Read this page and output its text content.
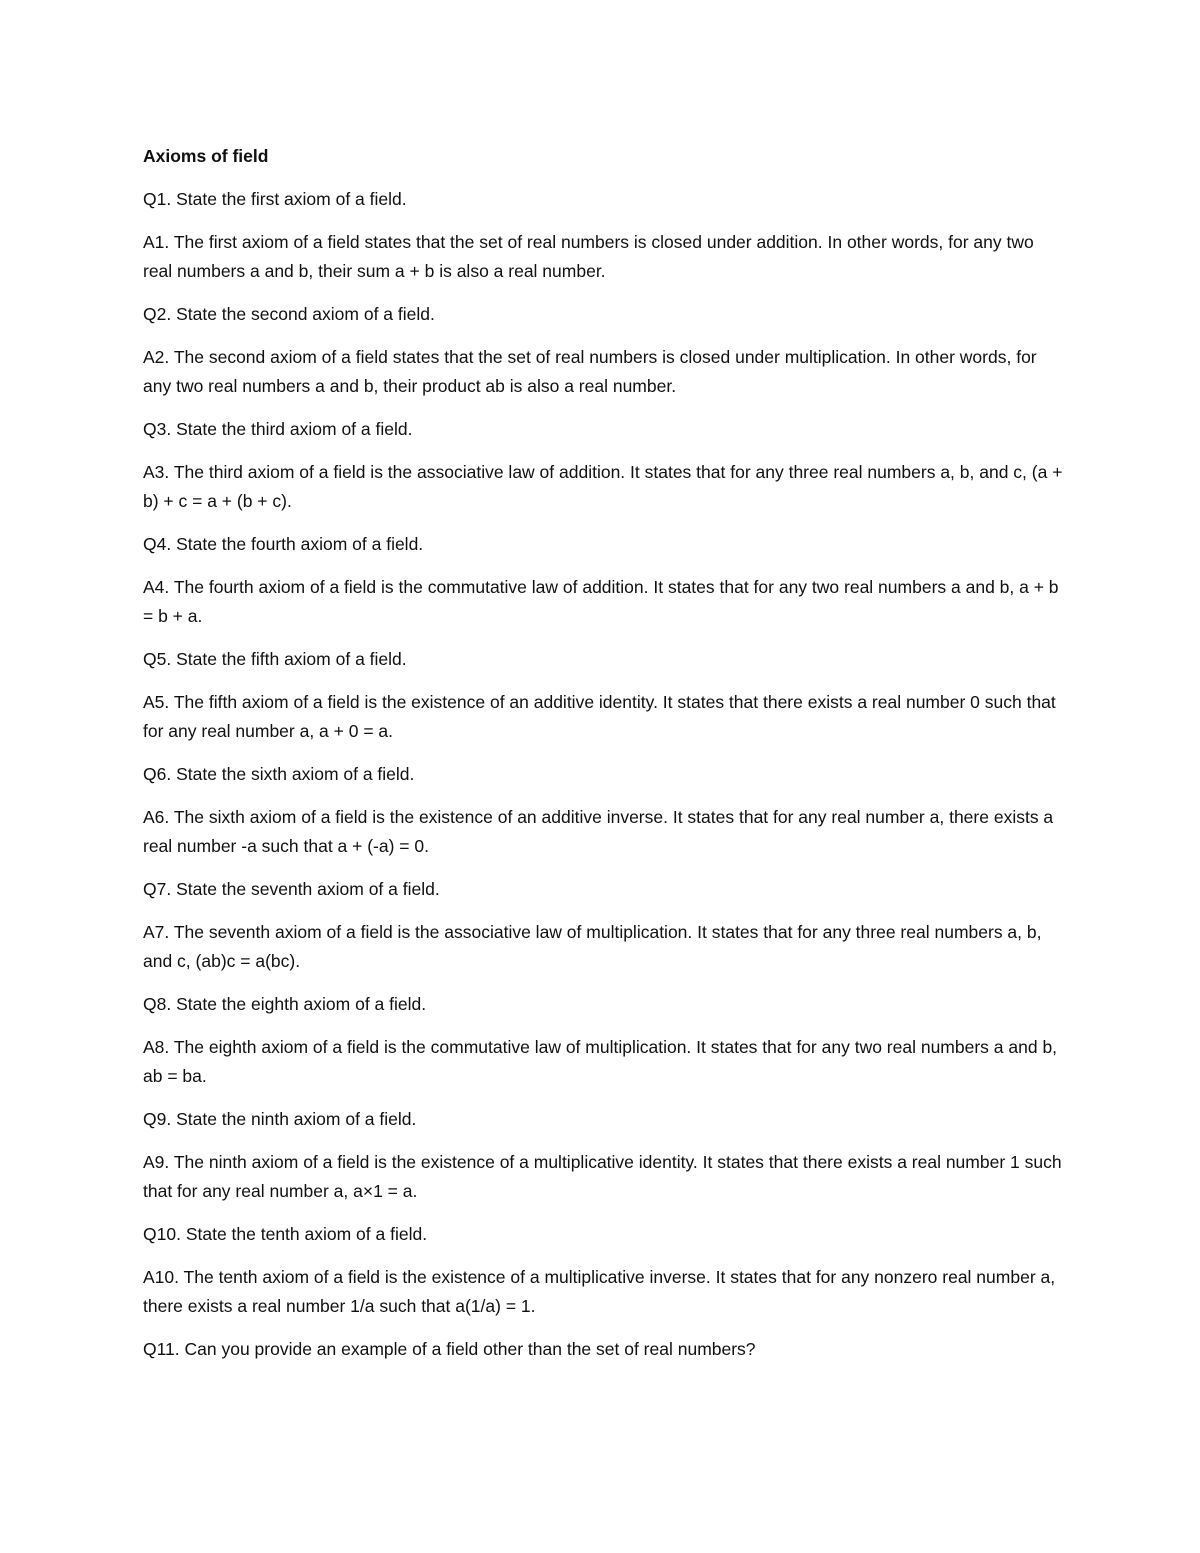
Axioms of field

Q1. State the first axiom of a field.

A1. The first axiom of a field states that the set of real numbers is closed under addition. In other words, for any two real numbers a and b, their sum a + b is also a real number.

Q2. State the second axiom of a field.

A2. The second axiom of a field states that the set of real numbers is closed under multiplication. In other words, for any two real numbers a and b, their product ab is also a real number.

Q3. State the third axiom of a field.

A3. The third axiom of a field is the associative law of addition. It states that for any three real numbers a, b, and c, (a + b) + c = a + (b + c).

Q4. State the fourth axiom of a field.

A4. The fourth axiom of a field is the commutative law of addition. It states that for any two real numbers a and b, a + b = b + a.

Q5. State the fifth axiom of a field.

A5. The fifth axiom of a field is the existence of an additive identity. It states that there exists a real number 0 such that for any real number a, a + 0 = a.

Q6. State the sixth axiom of a field.

A6. The sixth axiom of a field is the existence of an additive inverse. It states that for any real number a, there exists a real number -a such that a + (-a) = 0.

Q7. State the seventh axiom of a field.

A7. The seventh axiom of a field is the associative law of multiplication. It states that for any three real numbers a, b, and c, (ab)c = a(bc).

Q8. State the eighth axiom of a field.

A8. The eighth axiom of a field is the commutative law of multiplication. It states that for any two real numbers a and b, ab = ba.

Q9. State the ninth axiom of a field.

A9. The ninth axiom of a field is the existence of a multiplicative identity. It states that there exists a real number 1 such that for any real number a, a×1 = a.

Q10. State the tenth axiom of a field.

A10. The tenth axiom of a field is the existence of a multiplicative inverse. It states that for any nonzero real number a, there exists a real number 1/a such that a(1/a) = 1.

Q11. Can you provide an example of a field other than the set of real numbers?
